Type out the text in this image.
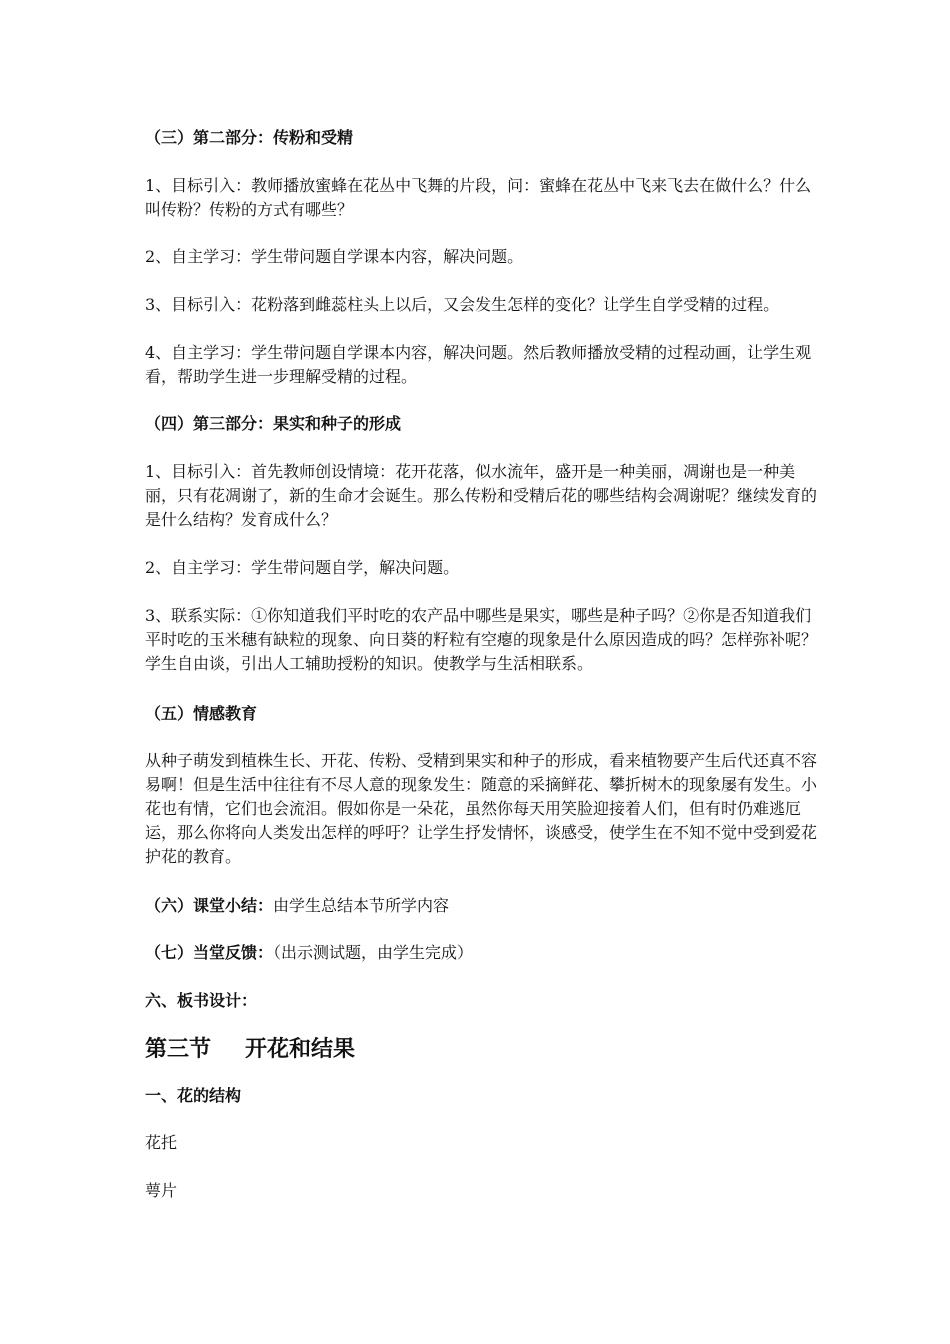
（三）第二部分：传粉和受精
1、目标引入：教师播放蜜蜂在花丛中飞舞的片段，问：蜜蜂在花丛中飞来飞去在做什么？什么叫传粉？传粉的方式有哪些？
2、自主学习：学生带问题自学课本内容，解决问题。
3、目标引入：花粉落到雌蕊柱头上以后，又会发生怎样的变化？让学生自学受精的过程。
4、自主学习：学生带问题自学课本内容，解决问题。然后教师播放受精的过程动画，让学生观看，帮助学生进一步理解受精的过程。
（四）第三部分：果实和种子的形成
1、目标引入：首先教师创设情境：花开花落，似水流年，盛开是一种美丽，凋谢也是一种美丽，只有花凋谢了，新的生命才会诞生。那么传粉和受精后花的哪些结构会凋谢呢？继续发育的是什么结构？发育成什么？
2、自主学习：学生带问题自学，解决问题。
3、联系实际：①你知道我们平时吃的农产品中哪些是果实，哪些是种子吗？②你是否知道我们平时吃的玉米穗有缺粒的现象、向日葵的籽粒有空瘪的现象是什么原因造成的吗？怎样弥补呢？学生自由谈，引出人工辅助授粉的知识。使教学与生活相联系。
（五）情感教育
从种子萌发到植株生长、开花、传粉、受精到果实和种子的形成，看来植物要产生后代还真不容易啊！但是生活中往往有不尽人意的现象发生：随意的采摘鲜花、攀折树木的现象屡有发生。小花也有情，它们也会流泪。假如你是一朵花，虽然你每天用笑脸迎接着人们，但有时仍难逃厄运，那么你将向人类发出怎样的呼吁？让学生抒发情怀，谈感受，使学生在不知不觉中受到爱花护花的教育。
（六）课堂小结：由学生总结本节所学内容
（七）当堂反馈：（出示测试题，由学生完成）
六、板书设计：
第三节 开花和结果
一、花的结构
花托
萼片
